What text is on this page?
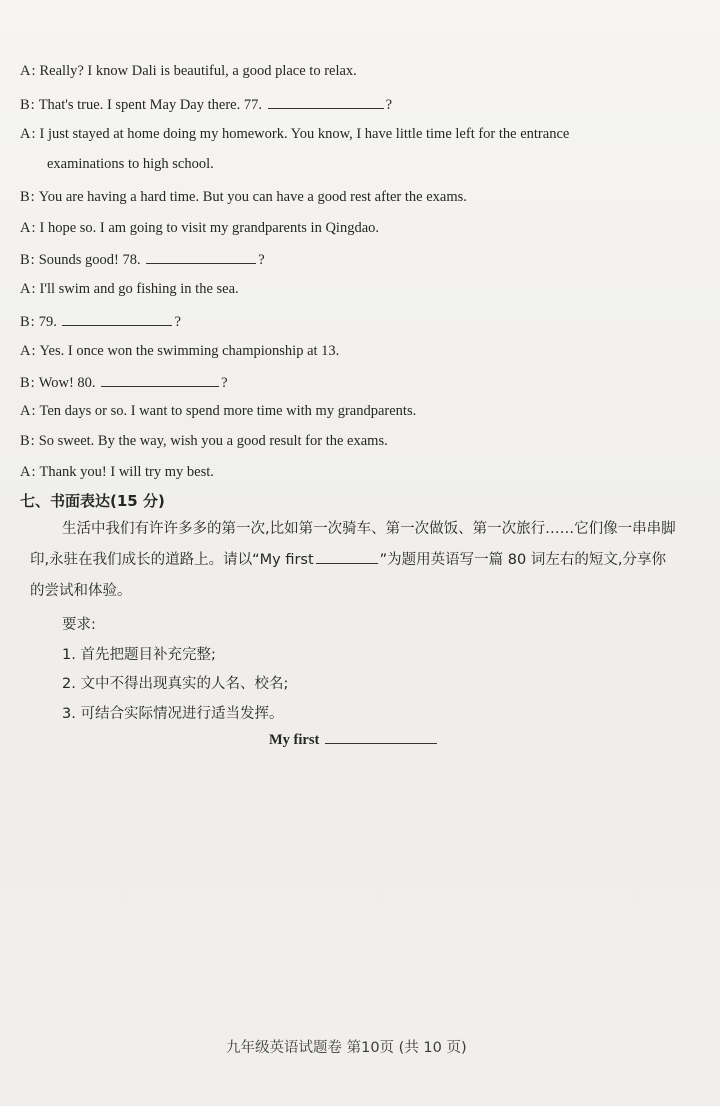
A: Really? I know Dali is beautiful, a good place to relax.
B: That's true. I spent May Day there. 77.	?
A: I just stayed at home doing my homework. You know, I have little time left for the entrance
examinations to high school.
B: You are having a hard time. But you can have a good rest after the exams.
A: I hope so. I am going to visit my grandparents in Qingdao.
B: Sounds good! 78.	?
A: I'll swim and go fishing in the sea.
B: 79.	?
A: Yes. I once won the swimming championship at 13.
B: Wow! 80.	?
A: Ten days or so. I want to spend more time with my grandparents.
B: So sweet. By the way, wish you a good result for the exams.
A: Thank you! I will try my best.
七、书面表达(15 分)
生活中我们有许许多多的第一次,比如第一次骑车、第一次做饭、第一次旅行……它们像一串串脚印,永驻在我们成长的道路上。请以“My first	”为题用英语写一篇 80 词左右的短文,分享你的尝试和体验。
要求:
1. 首先把题目补充完整;
2. 文中不得出现真实的人名、校名;
3. 可结合实际情况进行适当发挥。
My first
九年级英语试题卷 第10页 (共 10 页)
